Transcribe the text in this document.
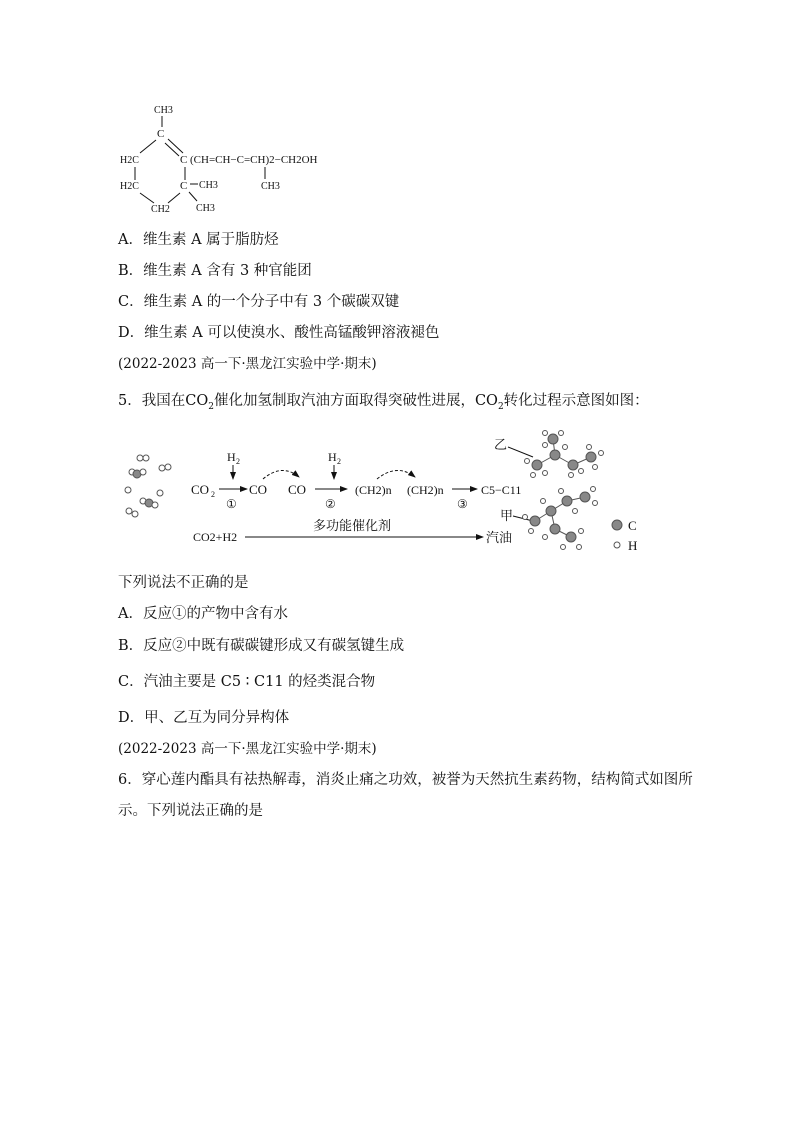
CH3
C
H2C	C
H2C	C CH3
CH2	CH3
(CH=CH−C=CH)2−CH2OH
CH3
A．维生素 A 属于脂肪烃
B．维生素 A 含有 3 种官能团
C．维生素 A 的一个分子中有 3 个碳碳双键
D．维生素 A 可以使溴水、酸性高锰酸钾溶液褪色
(2022-2023 高一下·黑龙江实验中学·期末)
5．我国在$CO_2$催化加氢制取汽油方面取得突破性进展，$CO_2$转化过程示意图如图：
CO 2
H 2
①
CO CO
H 2
②
(CH2)n (CH2)n
③
C5−C11
CO2+H2
多功能催化剂
汽油
甲
乙
C
H
下列说法不正确的是
A．反应①的产物中含有水
B．反应②中既有碳碳键形成又有碳氢键生成
C．汽油主要是 C5 ∶ C11 的烃类混合物
D．甲、乙互为同分异构体
(2022-2023 高一下·黑龙江实验中学·期末)
6．穿心莲内酯具有祛热解毒，消炎止痛之功效，被誉为天然抗生素药物，结构简式如图所
示。下列说法正确的是
